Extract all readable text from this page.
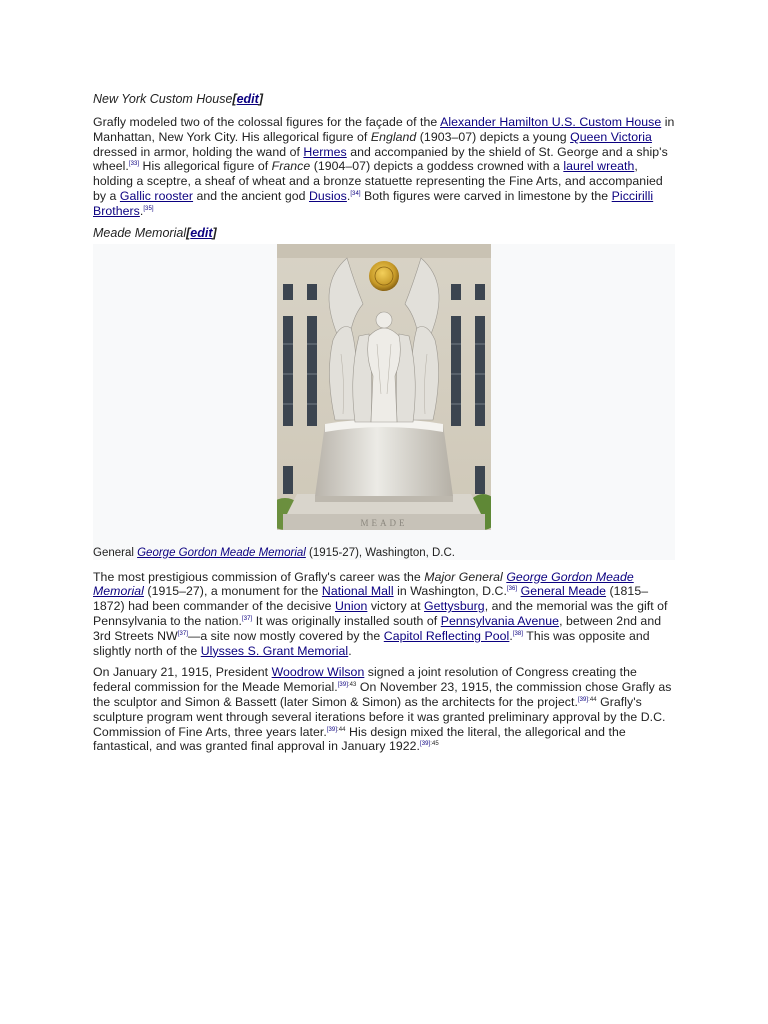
New York Custom House[edit]

Grafly modeled two of the colossal figures for the façade of the Alexander Hamilton U.S. Custom House in Manhattan, New York City. His allegorical figure of England (1903–07) depicts a young Queen Victoria dressed in armor, holding the wand of Hermes and accompanied by the shield of St. George and a ship's wheel.[33] His allegorical figure of France (1904–07) depicts a goddess crowned with a laurel wreath, holding a sceptre, a sheaf of wheat and a bronze statuette representing the Fine Arts, and accompanied by a Gallic rooster and the ancient god Dusios.[34] Both figures were carved in limestone by the Piccirilli Brothers.[35]

Meade Memorial[edit]

MEADE
General George Gordon Meade Memorial (1915-27), Washington, D.C.

The most prestigious commission of Grafly's career was the Major General George Gordon Meade Memorial (1915–27), a monument for the National Mall in Washington, D.C.[36] General Meade (1815–1872) had been commander of the decisive Union victory at Gettysburg, and the memorial was the gift of Pennsylvania to the nation.[37] It was originally installed south of Pennsylvania Avenue, between 2nd and 3rd Streets NW[37]—a site now mostly covered by the Capitol Reflecting Pool.[38] This was opposite and slightly north of the Ulysses S. Grant Memorial.

On January 21, 1915, President Woodrow Wilson signed a joint resolution of Congress creating the federal commission for the Meade Memorial.$^{[39]:43}$ On November 23, 1915, the commission chose Grafly as the sculptor and Simon & Bassett (later Simon & Simon) as the architects for the project.$^{[39]:44}$ Grafly's sculpture program went through several iterations before it was granted preliminary approval by the D.C. Commission of Fine Arts, three years later.$^{[39]:44}$ His design mixed the literal, the allegorical and the fantastical, and was granted final approval in January 1922.$^{[39]:45}$
